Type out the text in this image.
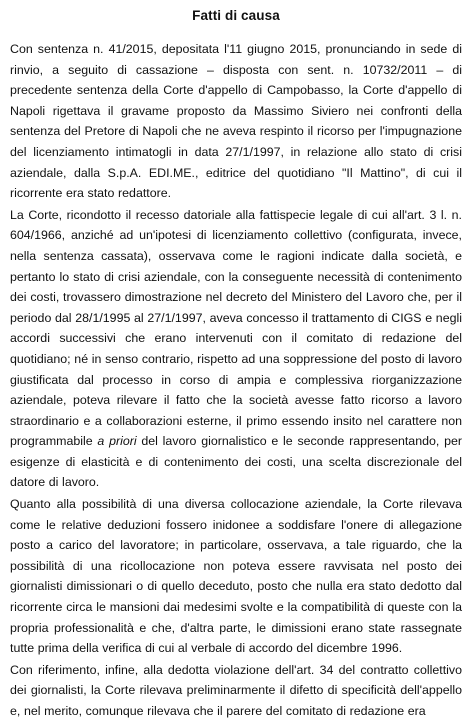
Fatti di causa

Con sentenza n. 41/2015, depositata l'11 giugno 2015, pronunciando in sede di rinvio, a seguito di cassazione – disposta con sent. n. 10732/2011 – di precedente sentenza della Corte d'appello di Campobasso, la Corte d'appello di Napoli rigettava il gravame proposto da Massimo Siviero nei confronti della sentenza del Pretore di Napoli che ne aveva respinto il ricorso per l'impugnazione del licenziamento intimatogli in data 27/1/1997, in relazione allo stato di crisi aziendale, dalla S.p.A. EDI.ME., editrice del quotidiano "Il Mattino", di cui il ricorrente era stato redattore.

La Corte, ricondotto il recesso datoriale alla fattispecie legale di cui all'art. 3 l. n. 604/1966, anziché ad un'ipotesi di licenziamento collettivo (configurata, invece, nella sentenza cassata), osservava come le ragioni indicate dalla società, e pertanto lo stato di crisi aziendale, con la conseguente necessità di contenimento dei costi, trovassero dimostrazione nel decreto del Ministero del Lavoro che, per il periodo dal 28/1/1995 al 27/1/1997, aveva concesso il trattamento di CIGS e negli accordi successivi che erano intervenuti con il comitato di redazione del quotidiano; né in senso contrario, rispetto ad una soppressione del posto di lavoro giustificata dal processo in corso di ampia e complessiva riorganizzazione aziendale, poteva rilevare il fatto che la società avesse fatto ricorso a lavoro straordinario e a collaborazioni esterne, il primo essendo insito nel carattere non programmabile a priori del lavoro giornalistico e le seconde rappresentando, per esigenze di elasticità e di contenimento dei costi, una scelta discrezionale del datore di lavoro.

Quanto alla possibilità di una diversa collocazione aziendale, la Corte rilevava come le relative deduzioni fossero inidonee a soddisfare l'onere di allegazione posto a carico del lavoratore; in particolare, osservava, a tale riguardo, che la possibilità di una ricollocazione non poteva essere ravvisata nel posto dei giornalisti dimissionari o di quello deceduto, posto che nulla era stato dedotto dal ricorrente circa le mansioni dai medesimi svolte e la compatibilità di queste con la propria professionalità e che, d'altra parte, le dimissioni erano state rassegnate tutte prima della verifica di cui al verbale di accordo del dicembre 1996.

Con riferimento, infine, alla dedotta violazione dell'art. 34 del contratto collettivo dei giornalisti, la Corte rilevava preliminarmente il difetto di specificità dell'appello e, nel merito, comunque rilevava che il parere del comitato di redazione era
